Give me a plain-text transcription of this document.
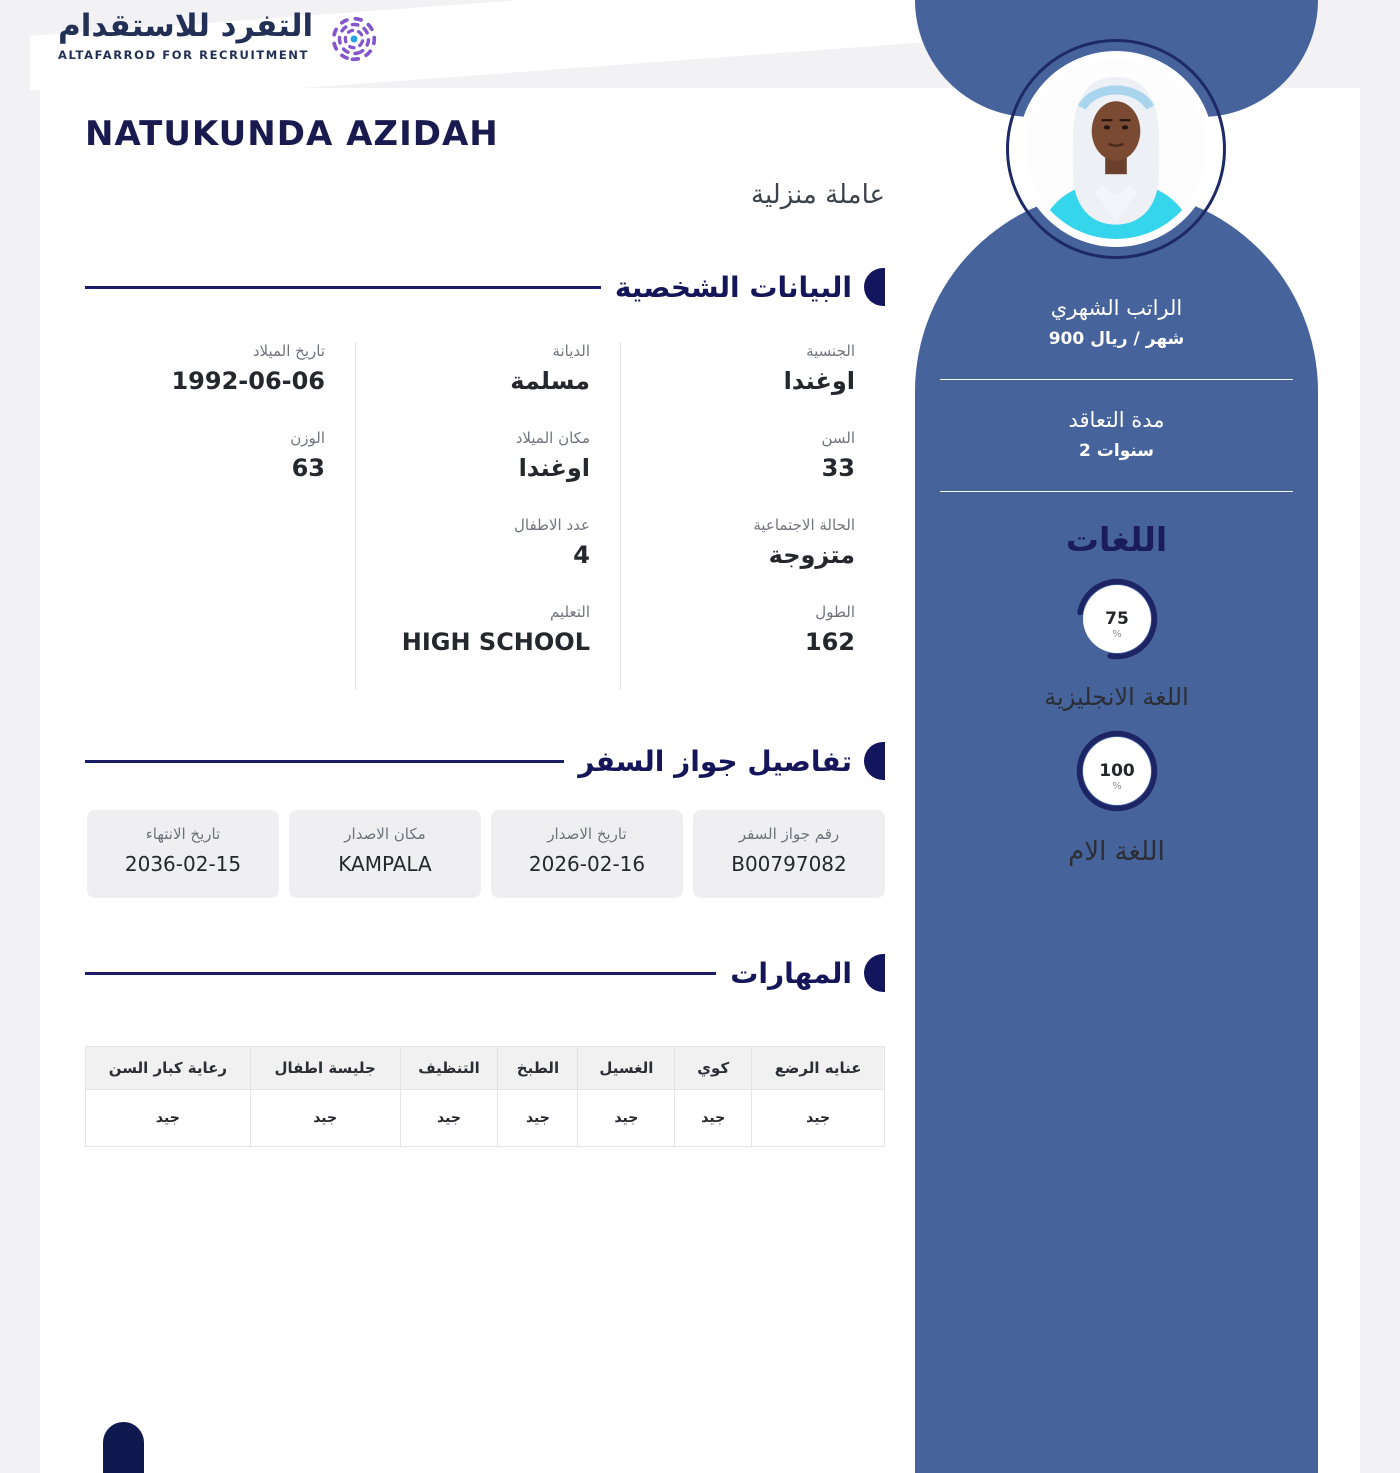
التفرد للاستقدام
ALTAFARROD FOR RECRUITMENT
NATUKUNDA AZIDAH
عاملة منزلية
البيانات الشخصية
الجنسية
اوغندا
السن
33
الحالة الاجتماعية
متزوجة
الطول
162
الديانة
مسلمة
مكان الميلاد
اوغندا
عدد الاطفال
4
التعليم
HIGH SCHOOL
تاريخ الميلاد
1992-06-06
الوزن
63
تفاصيل جواز السفر
رقم جواز السفر
B00797082
تاريخ الاصدار
2026-02-16
مكان الاصدار
KAMPALA
تاريخ الانتهاء
2036-02-15
المهارات
عنايه الرضع	كوي	الغسيل	الطبخ	التنظيف	جليسة اطفال	رعاية كبار السن
جيد	جيد	جيد	جيد	جيد	جيد	جيد
الراتب الشهري
900 ريال / شهر
مدة التعاقد
2 سنوات
اللغات
75
%
اللغة الانجليزية
100
%
اللغة الام
